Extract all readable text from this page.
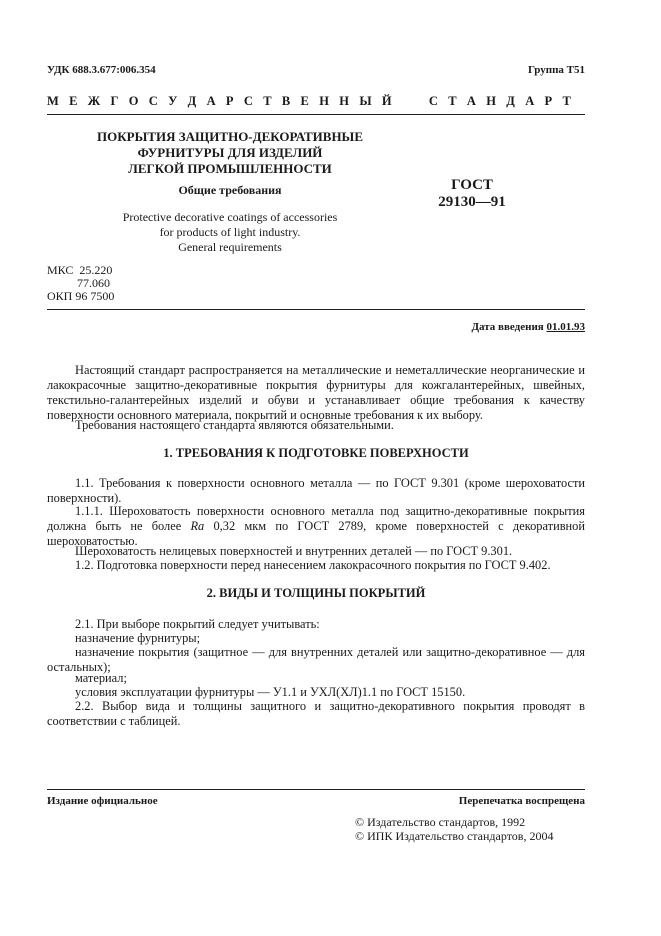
УДК 688.3.677:006.354	Группа Т51
М Е Ж Г О С У Д А Р С Т В Е Н Н Ы Й     С Т А Н Д А Р Т
ПОКРЫТИЯ ЗАЩИТНО-ДЕКОРАТИВНЫЕ
ФУРНИТУРЫ ДЛЯ ИЗДЕЛИЙ
ЛЕГКОЙ ПРОМЫШЛЕННОСТИ
Общие требования
Protective decorative coatings of accessories
for products of light industry.
General requirements
ГОСТ
29130—91
МКС 25.220
77.060
ОКП 96 7500
Дата введения 01.01.93
Настоящий стандарт распространяется на металлические и неметаллические неорганические и лакокрасочные защитно-декоративные покрытия фурнитуры для кожгалантерейных, швейных, текстильно-галантерейных изделий и обуви и устанавливает общие требования к качеству поверхности основного материала, покрытий и основные требования к их выбору.
Требования настоящего стандарта являются обязательными.
1. ТРЕБОВАНИЯ К ПОДГОТОВКЕ ПОВЕРХНОСТИ
1.1. Требования к поверхности основного металла — по ГОСТ 9.301 (кроме шероховатости поверхности).
1.1.1. Шероховатость поверхности основного металла под защитно-декоративные покрытия должна быть не более Ra 0,32 мкм по ГОСТ 2789, кроме поверхностей с декоративной шероховатостью.
Шероховатость нелицевых поверхностей и внутренних деталей — по ГОСТ 9.301.
1.2. Подготовка поверхности перед нанесением лакокрасочного покрытия по ГОСТ 9.402.
2. ВИДЫ И ТОЛЩИНЫ ПОКРЫТИЙ
2.1. При выборе покрытий следует учитывать:
назначение фурнитуры;
назначение покрытия (защитное — для внутренних деталей или защитно-декоративное — для остальных);
материал;
условия эксплуатации фурнитуры — У1.1 и УХЛ(ХЛ)1.1 по ГОСТ 15150.
2.2. Выбор вида и толщины защитного и защитно-декоративного покрытия проводят в соответствии с таблицей.
Издание официальное	Перепечатка воспрещена
© Издательство стандартов, 1992
© ИПК Издательство стандартов, 2004
